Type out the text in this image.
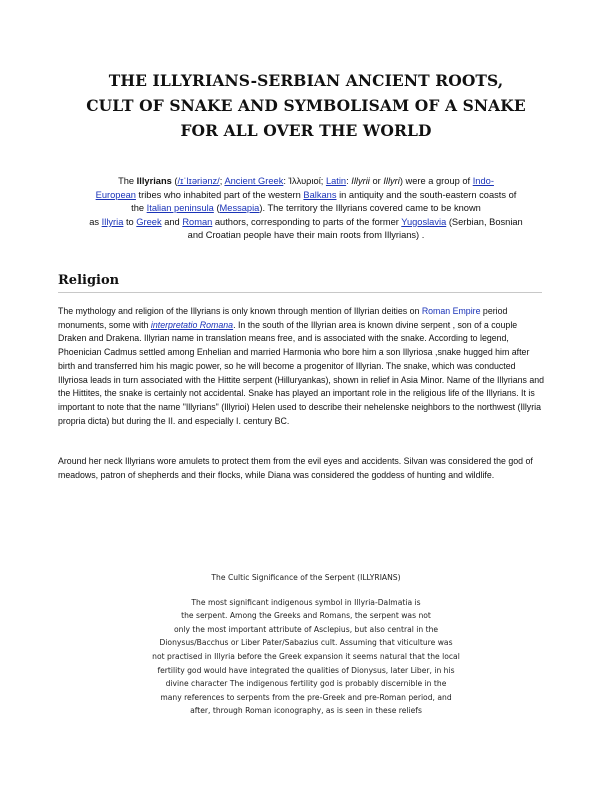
THE ILLYRIANS-SERBIAN ANCIENT ROOTS,
CULT OF SNAKE AND SYMBOLISAM OF A SNAKE
FOR ALL OVER THE WORLD
The Illyrians (/ɪˈlɪəriənz/; Ancient Greek: Ἰλλυριοί; Latin: Illyrii or Illyri) were a group of Indo-
European tribes who inhabited part of the western Balkans in antiquity and the south-eastern coasts of
the Italian peninsula (Messapia). The territory the Illyrians covered came to be known
as Illyria to Greek and Roman authors, corresponding to parts of the former Yugoslavia (Serbian, Bosnian
and Croatian people have their main roots from Illyrians) .
Religion
The mythology and religion of the Illyrians is only known through mention of Illyrian deities on Roman Empire period monuments, some with interpretatio Romana. In the south of the Illyrian area is known divine serpent , son of a couple Draken and Drakena. Illyrian name in translation means free, and is associated with the snake. According to legend, Phoenician Cadmus settled among Enhelian and married Harmonia who bore him a son Illyriosa ,snake hugged him after birth and transferred him his magic power, so he will become a progenitor of Illyrian. The snake, which was conducted Illyriosa leads in turn associated with the Hittite serpent (Hilluryankas), shown in relief in Asia Minor. Name of the Illyrians and the Hittites, the snake is certainly not accidental. Snake has played an important role in the religious life of the Illyrians. It is important to note that the name "Illyrians" (Illyrioi) Helen used to describe their nehelenske neighbors to the northwest (Illyria propria dicta) but during the II. and especially I. century BC.
Around her neck Illyrians wore amulets to protect them from the evil eyes and accidents. Silvan was considered the god of meadows, patron of shepherds and their flocks, while Diana was considered the goddess of hunting and wildlife.
The Cultic Significance of the Serpent (ILLYRIANS)
The most significant indigenous symbol in Illyria-Dalmatia is
the serpent. Among the Greeks and Romans, the serpent was not
only the most important attribute of Asclepius, but also central in the
Dionysus/Bacchus or Liber Pater/Sabazius cult. Assuming that viticulture was
not practised in Illyria before the Greek expansion it seems natural that the local
fertility god would have integrated the qualities of Dionysus, later Liber, in his
divine character The indigenous fertility god is probably discernible in the
many references to serpents from the pre-Greek and pre-Roman period, and
after, through Roman iconography, as is seen in these reliefs
